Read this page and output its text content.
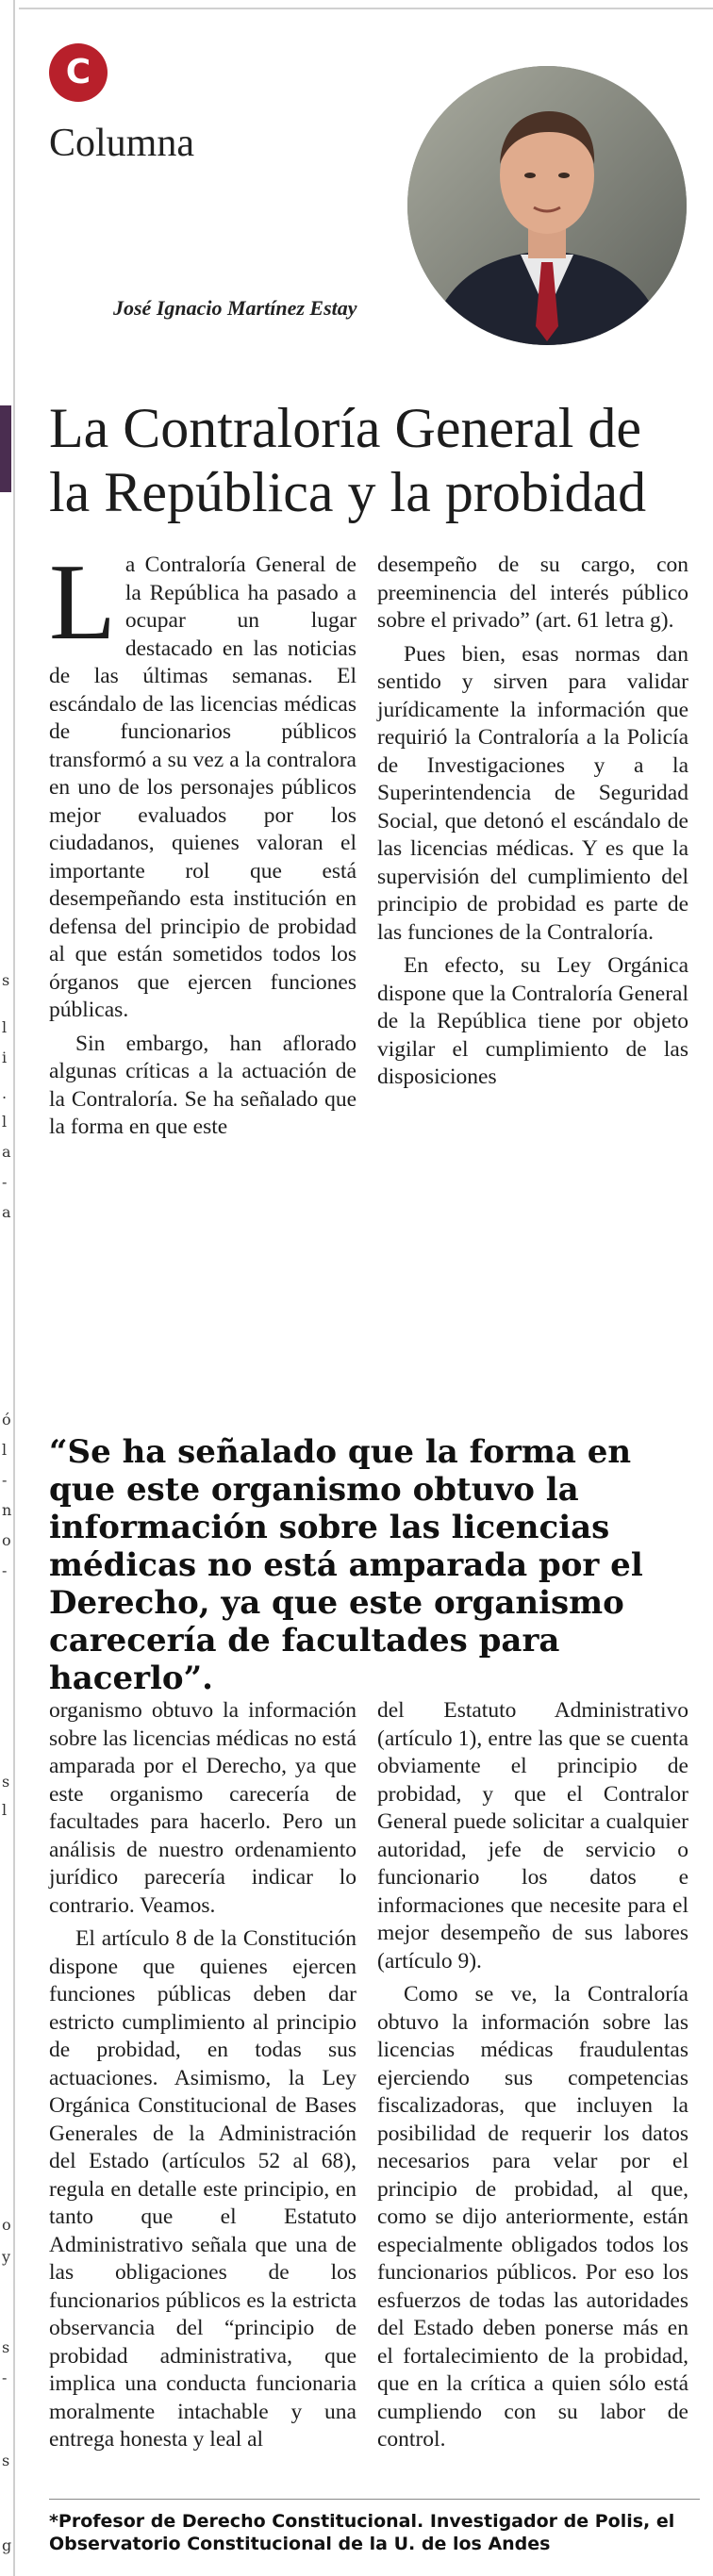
s
l
i
.
l
a
-
a
ó
l
-
n
o
-
s
l
o
y
s
-
s
g
C
Columna
José Ignacio Martínez Estay
La Contraloría General de la República y la probidad

La Contraloría General de la República ha pasado a ocupar un lugar destacado en las noticias de las últimas semanas. El escándalo de las licencias médicas de funcionarios públicos transformó a su vez a la contralora en uno de los personajes públicos mejor evaluados por los ciudadanos, quienes valoran el importante rol que está desempeñando esta institución en defensa del principio de probidad al que están sometidos todos los órganos que ejercen funciones públicas.

Sin embargo, han aflorado algunas críticas a la actuación de la Contraloría. Se ha señalado que la forma en que este

desempeño de su cargo, con preeminencia del interés público sobre el privado” (art. 61 letra g).

Pues bien, esas normas dan sentido y sirven para validar jurídicamente la información que requirió la Contraloría a la Policía de Investigaciones y a la Superintendencia de Seguridad Social, que detonó el escándalo de las licencias médicas. Y es que la supervisión del cumplimiento del principio de probidad es parte de las funciones de la Contraloría.

En efecto, su Ley Orgánica dispone que la Contraloría General de la República tiene por objeto vigilar el cumplimiento de las disposiciones

“Se ha señalado que la forma en que este organismo obtuvo la información sobre las licencias médicas no está amparada por el Derecho, ya que este organismo carecería de facultades para hacerlo”.

organismo obtuvo la información sobre las licencias médicas no está amparada por el Derecho, ya que este organismo carecería de facultades para hacerlo. Pero un análisis de nuestro ordenamiento jurídico parecería indicar lo contrario. Veamos.

El artículo 8 de la Constitución dispone que quienes ejercen funciones públicas deben dar estricto cumplimiento al principio de probidad, en todas sus actuaciones. Asimismo, la Ley Orgánica Constitucional de Bases Generales de la Administración del Estado (artículos 52 al 68), regula en detalle este principio, en tanto que el Estatuto Administrativo señala que una de las obligaciones de los funcionarios públicos es la estricta observancia del “principio de probidad administrativa, que implica una conducta funcionaria moralmente intachable y una entrega honesta y leal al

del Estatuto Administrativo (artículo 1), entre las que se cuenta obviamente el principio de probidad, y que el Contralor General puede solicitar a cualquier autoridad, jefe de servicio o funcionario los datos e informaciones que necesite para el mejor desempeño de sus labores (artículo 9).

Como se ve, la Contraloría obtuvo la información sobre las licencias médicas fraudulentas ejerciendo sus competencias fiscalizadoras, que incluyen la posibilidad de requerir los datos necesarios para velar por el principio de probidad, al que, como se dijo anteriormente, están especialmente obligados todos los funcionarios públicos. Por eso los esfuerzos de todas las autoridades del Estado deben ponerse más en el fortalecimiento de la probidad, que en la crítica a quien sólo está cumpliendo con su labor de control.

*Profesor de Derecho Constitucional. Investigador de Polis, el Observatorio Constitucional de la U. de los Andes
